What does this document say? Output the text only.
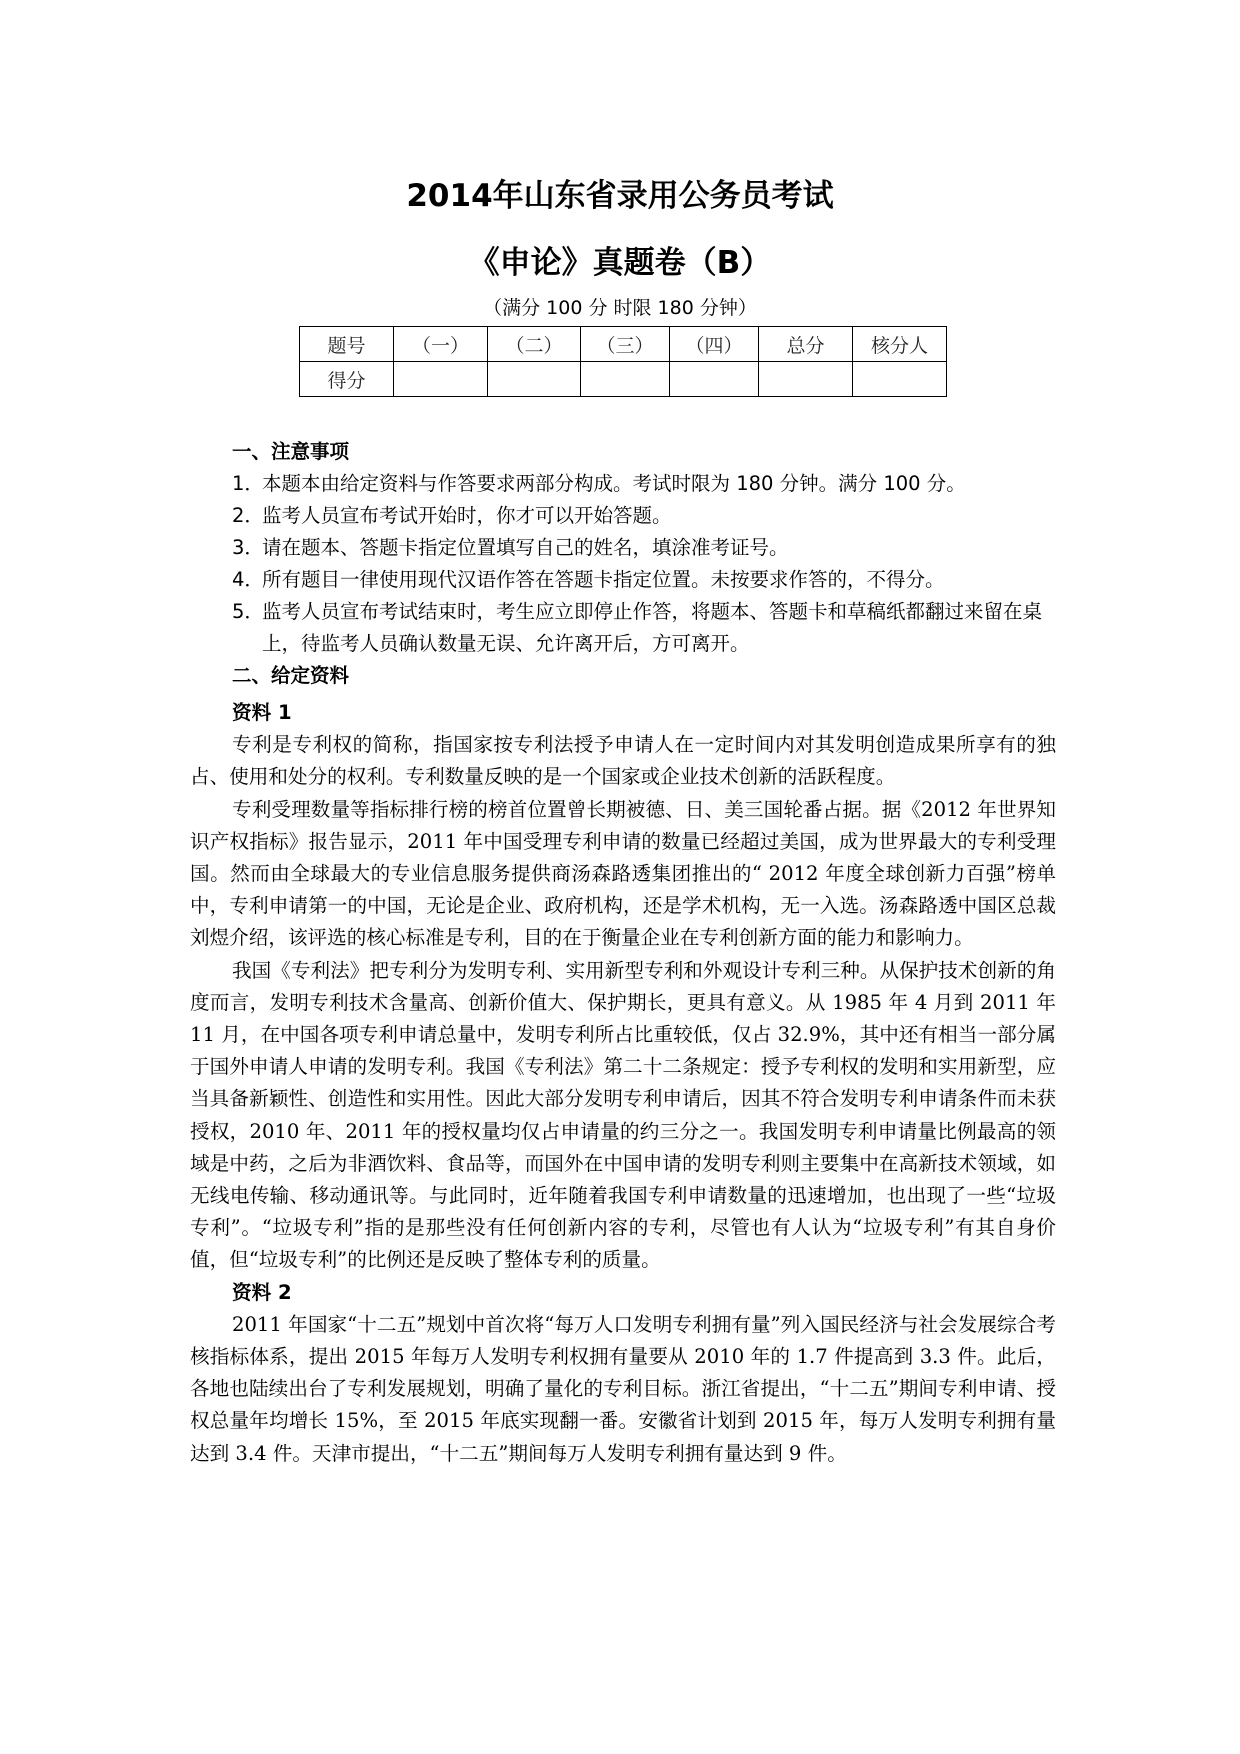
2014年山东省录用公务员考试
《申论》真题卷（B）
（满分 100 分 时限 180 分钟）
题号	（一）	（二）	（三）	（四）	总分	核分人
得分						
一、注意事项
1．本题本由给定资料与作答要求两部分构成。考试时限为 180 分钟。满分 100 分。
2．监考人员宣布考试开始时，你才可以开始答题。
3．请在题本、答题卡指定位置填写自己的姓名，填涂准考证号。
4．所有题目一律使用现代汉语作答在答题卡指定位置。未按要求作答的，不得分。
5．监考人员宣布考试结束时，考生应立即停止作答，将题本、答题卡和草稿纸都翻过来留在桌上，待监考人员确认数量无误、允许离开后，方可离开。
二、给定资料
资料 1

专利是专利权的简称，指国家按专利法授予申请人在一定时间内对其发明创造成果所享有的独占、使用和处分的权利。专利数量反映的是一个国家或企业技术创新的活跃程度。

专利受理数量等指标排行榜的榜首位置曾长期被德、日、美三国轮番占据。据《2012 年世界知识产权指标》报告显示，2011 年中国受理专利申请的数量已经超过美国，成为世界最大的专利受理国。然而由全球最大的专业信息服务提供商汤森路透集团推出的“ 2012 年度全球创新力百强”榜单中，专利申请第一的中国，无论是企业、政府机构，还是学术机构，无一入选。汤森路透中国区总裁刘煜介绍，该评选的核心标准是专利，目的在于衡量企业在专利创新方面的能力和影响力。

我国《专利法》把专利分为发明专利、实用新型专利和外观设计专利三种。从保护技术创新的角度而言，发明专利技术含量高、创新价值大、保护期长，更具有意义。从 1985 年 4 月到 2011 年 11 月，在中国各项专利申请总量中，发明专利所占比重较低，仅占 32.9%，其中还有相当一部分属于国外申请人申请的发明专利。我国《专利法》第二十二条规定：授予专利权的发明和实用新型，应当具备新颖性、创造性和实用性。因此大部分发明专利申请后，因其不符合发明专利申请条件而未获授权，2010 年、2011 年的授权量均仅占申请量的约三分之一。我国发明专利申请量比例最高的领域是中药，之后为非酒饮料、食品等，而国外在中国申请的发明专利则主要集中在高新技术领域，如无线电传输、移动通讯等。与此同时，近年随着我国专利申请数量的迅速增加，也出现了一些“垃圾专利”。“垃圾专利”指的是那些没有任何创新内容的专利，尽管也有人认为“垃圾专利”有其自身价值，但“垃圾专利”的比例还是反映了整体专利的质量。

资料 2

2011 年国家“十二五”规划中首次将“每万人口发明专利拥有量”列入国民经济与社会发展综合考核指标体系，提出 2015 年每万人发明专利权拥有量要从 2010 年的 1.7 件提高到 3.3 件。此后，各地也陆续出台了专利发展规划，明确了量化的专利目标。浙江省提出，“十二五”期间专利申请、授权总量年均增长 15%，至 2015 年底实现翻一番。安徽省计划到 2015 年，每万人发明专利拥有量达到 3.4 件。天津市提出，“十二五”期间每万人发明专利拥有量达到 9 件。
